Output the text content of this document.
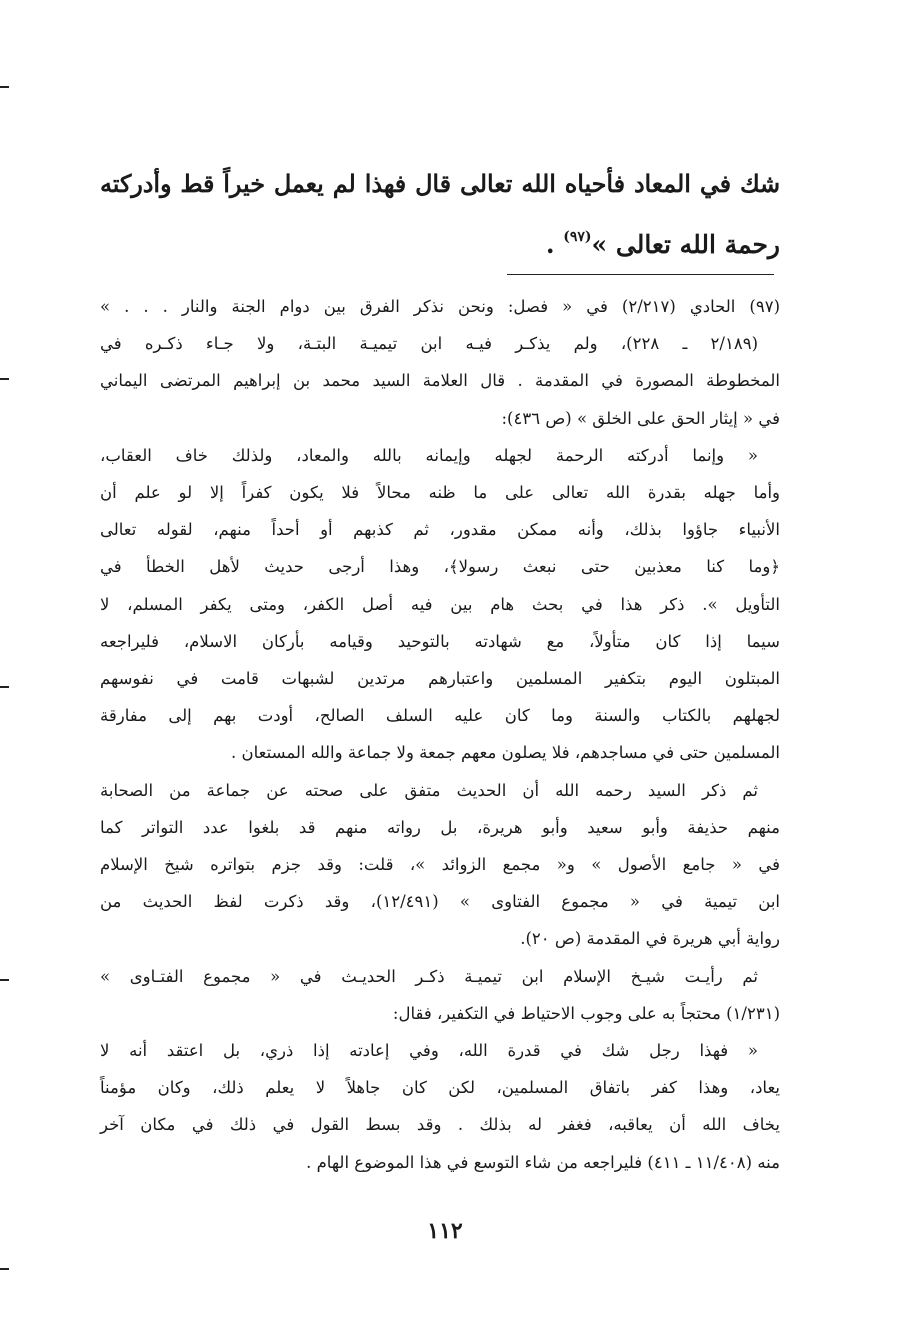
شك في المعاد فأحياه الله تعالى قال فهذا لم يعمل خيراً قط وأدركته
رحمة الله تعالى »$^{(٩٧)}$ .
(٩٧) الحادي (٢/٢١٧) في « فصل: ونحن نذكر الفرق بين دوام الجنة والنار . . . »
(٢/١٨٩ ـ ٢٢٨)، ولم يذكـر فيـه ابن تيميـة البتـة، ولا جـاء ذكـره في
المخطوطة المصورة في المقدمة . قال العلامة السيد محمد بن إبراهيم المرتضى اليماني
في « إيثار الحق على الخلق » (ص ٤٣٦):
« وإنما أدركته الرحمة لجهله وإيمانه بالله والمعاد، ولذلك خاف العقاب،
وأما جهله بقدرة الله تعالى على ما ظنه محالاً فلا يكون كفراً إلا لو علم أن
الأنبياء جاؤوا بذلك، وأنه ممكن مقدور، ثم كذبهم أو أحداً منهم، لقوله تعالى
﴿وما كنا معذبين حتى نبعث رسولا﴾، وهذا أرجى حديث لأهل الخطأ في
التأويل ». ذكر هذا في بحث هام بين فيه أصل الكفر، ومتى يكفر المسلم، لا
سيما إذا كان متأولاً، مع شهادته بالتوحيد وقيامه بأركان الاسلام، فليراجعه
المبتلون اليوم بتكفير المسلمين واعتبارهم مرتدين لشبهات قامت في نفوسهم
لجهلهم بالكتاب والسنة وما كان عليه السلف الصالح، أودت بهم إلى مفارقة
المسلمين حتى في مساجدهم، فلا يصلون معهم جمعة ولا جماعة والله المستعان .
ثم ذكر السيد رحمه الله أن الحديث متفق على صحته عن جماعة من الصحابة
منهم حذيفة وأبو سعيد وأبو هريرة، بل رواته منهم قد بلغوا عدد التواتر كما
في « جامع الأصول » و« مجمع الزوائد »، قلت: وقد جزم بتواتره شيخ الإسلام
ابن تيمية في « مجموع الفتاوى » (١٢/٤٩١)، وقد ذكرت لفظ الحديث من
رواية أبي هريرة في المقدمة (ص ٢٠).
ثم رأيـت شيـخ الإسلام ابن تيميـة ذكـر الحديـث في « مجموع الفتـاوى »
(١/٢٣١) محتجاً به على وجوب الاحتياط في التكفير، فقال:
« فهذا رجل شك في قدرة الله، وفي إعادته إذا ذري، بل اعتقد أنه لا
يعاد، وهذا كفر باتفاق المسلمين، لكن كان جاهلاً لا يعلم ذلك، وكان مؤمناً
يخاف الله أن يعاقبه، فغفر له بذلك . وقد بسط القول في ذلك في مكان آخر
منه (١١/٤٠٨ ـ ٤١١) فليراجعه من شاء التوسع في هذا الموضوع الهام .
١١٢
